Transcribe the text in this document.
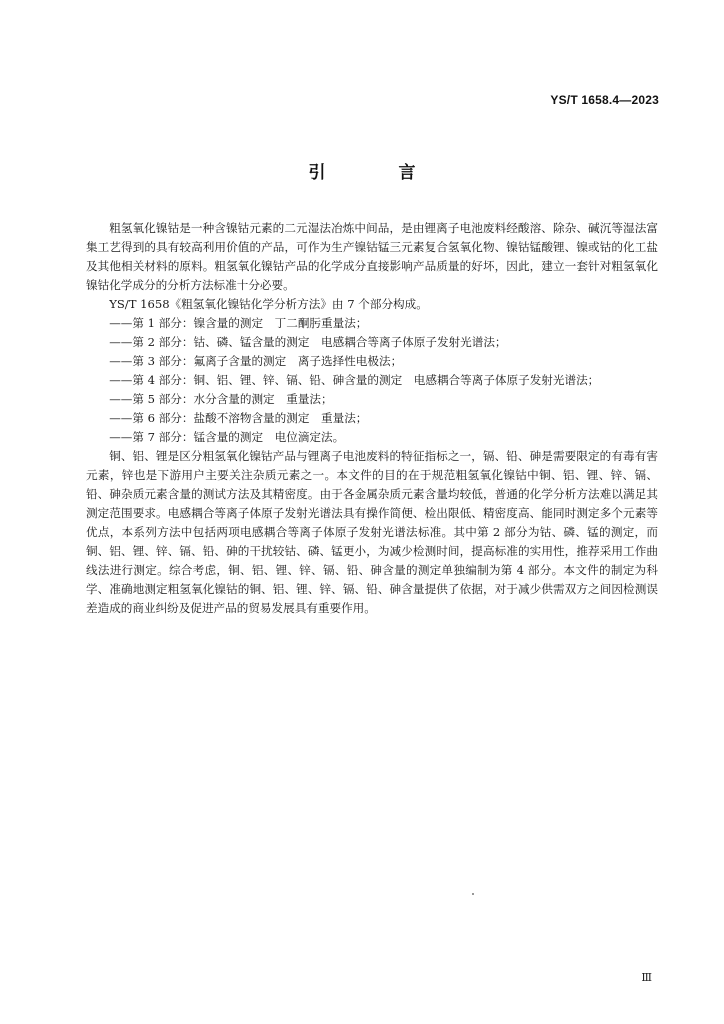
YS/T 1658.4—2023
引　言

粗氢氧化镍钴是一种含镍钴元素的二元湿法冶炼中间品，是由锂离子电池废料经酸溶、除杂、碱沉等湿法富集工艺得到的具有较高利用价值的产品，可作为生产镍钴锰三元素复合氢氧化物、镍钴锰酸锂、镍或钴的化工盐及其他相关材料的原料。粗氢氧化镍钴产品的化学成分直接影响产品质量的好坏，因此，建立一套针对粗氢氧化镍钴化学成分的分析方法标准十分必要。

YS/T 1658《粗氢氧化镍钴化学分析方法》由 7 个部分构成。

——第 1 部分：镍含量的测定　丁二酮肟重量法；

——第 2 部分：钴、磷、锰含量的测定　电感耦合等离子体原子发射光谱法；

——第 3 部分：氟离子含量的测定　离子选择性电极法；

——第 4 部分：铜、铝、锂、锌、镉、铅、砷含量的测定　电感耦合等离子体原子发射光谱法；

——第 5 部分：水分含量的测定　重量法；

——第 6 部分：盐酸不溶物含量的测定　重量法；

——第 7 部分：锰含量的测定　电位滴定法。

铜、铝、锂是区分粗氢氧化镍钴产品与锂离子电池废料的特征指标之一，镉、铅、砷是需要限定的有毒有害元素，锌也是下游用户主要关注杂质元素之一。本文件的目的在于规范粗氢氧化镍钴中铜、铝、锂、锌、镉、铅、砷杂质元素含量的测试方法及其精密度。由于各金属杂质元素含量均较低，普通的化学分析方法难以满足其测定范围要求。电感耦合等离子体原子发射光谱法具有操作简便、检出限低、精密度高、能同时测定多个元素等优点，本系列方法中包括两项电感耦合等离子体原子发射光谱法标准。其中第 2 部分为钴、磷、锰的测定，而铜、铝、锂、锌、镉、铅、砷的干扰较钴、磷、锰更小，为减少检测时间，提高标准的实用性，推荐采用工作曲线法进行测定。综合考虑，铜、铝、锂、锌、镉、铅、砷含量的测定单独编制为第 4 部分。本文件的制定为科学、准确地测定粗氢氧化镍钴的铜、铝、锂、锌、镉、铅、砷含量提供了依据，对于减少供需双方之间因检测误差造成的商业纠纷及促进产品的贸易发展具有重要作用。

Ⅲ
